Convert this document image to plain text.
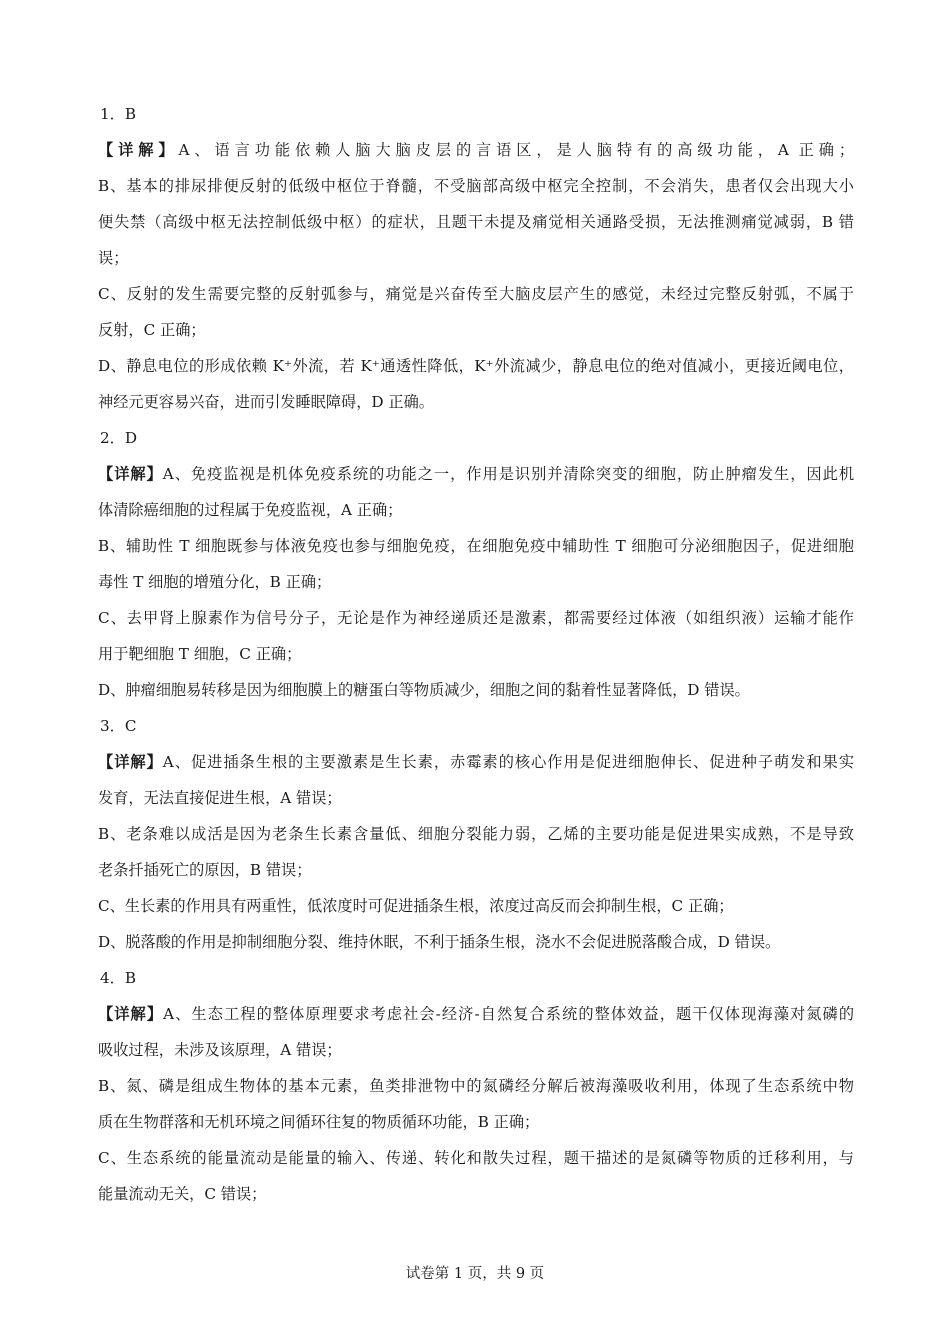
1．B

【详解】A、语言功能依赖人脑大脑皮层的言语区，是人脑特有的高级功能，A 正确；

B、基本的排尿排便反射的低级中枢位于脊髓，不受脑部高级中枢完全控制，不会消失，患者仅会出现大小

便失禁（高级中枢无法控制低级中枢）的症状，且题干未提及痛觉相关通路受损，无法推测痛觉减弱，B 错

误；

C、反射的发生需要完整的反射弧参与，痛觉是兴奋传至大脑皮层产生的感觉，未经过完整反射弧，不属于

反射，C 正确；

D、静息电位的形成依赖 K⁺外流，若 K⁺通透性降低，K⁺外流减少，静息电位的绝对值减小，更接近阈电位，

神经元更容易兴奋，进而引发睡眠障碍，D 正确。

2．D

【详解】A、免疫监视是机体免疫系统的功能之一，作用是识别并清除突变的细胞，防止肿瘤发生，因此机

体清除癌细胞的过程属于免疫监视，A 正确；

B、辅助性 T 细胞既参与体液免疫也参与细胞免疫，在细胞免疫中辅助性 T 细胞可分泌细胞因子，促进细胞

毒性 T 细胞的增殖分化，B 正确；

C、去甲肾上腺素作为信号分子，无论是作为神经递质还是激素，都需要经过体液（如组织液）运输才能作

用于靶细胞 T 细胞，C 正确；

D、肿瘤细胞易转移是因为细胞膜上的糖蛋白等物质减少，细胞之间的黏着性显著降低，D 错误。

3．C

【详解】A、促进插条生根的主要激素是生长素，赤霉素的核心作用是促进细胞伸长、促进种子萌发和果实

发育，无法直接促进生根，A 错误；

B、老条难以成活是因为老条生长素含量低、细胞分裂能力弱，乙烯的主要功能是促进果实成熟，不是导致

老条扦插死亡的原因，B 错误；

C、生长素的作用具有两重性，低浓度时可促进插条生根，浓度过高反而会抑制生根，C 正确；

D、脱落酸的作用是抑制细胞分裂、维持休眠，不利于插条生根，浇水不会促进脱落酸合成，D 错误。

4．B

【详解】A、生态工程的整体原理要求考虑社会-经济-自然复合系统的整体效益，题干仅体现海藻对氮磷的

吸收过程，未涉及该原理，A 错误；

B、氮、磷是组成生物体的基本元素，鱼类排泄物中的氮磷经分解后被海藻吸收利用，体现了生态系统中物

质在生物群落和无机环境之间循环往复的物质循环功能，B 正确；

C、生态系统的能量流动是能量的输入、传递、转化和散失过程，题干描述的是氮磷等物质的迁移利用，与

能量流动无关，C 错误；

试卷第 1 页，共 9 页
